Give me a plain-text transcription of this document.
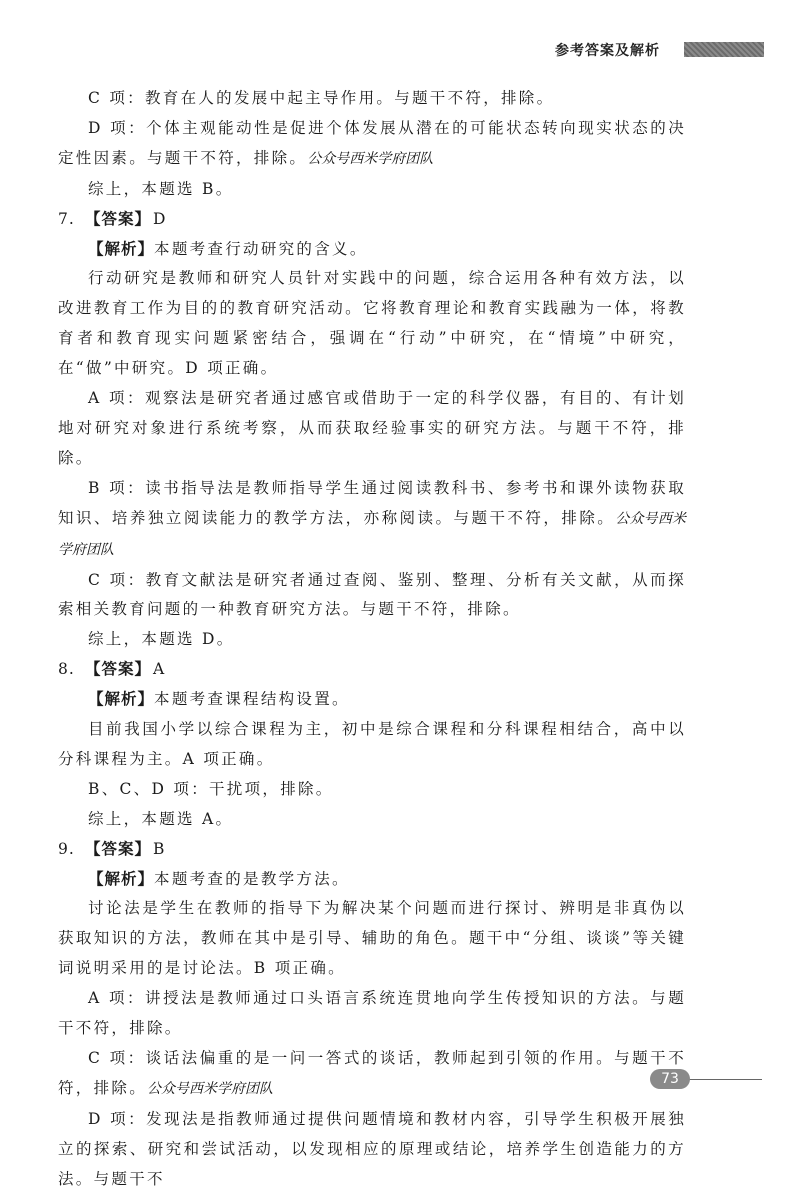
参考答案及解析

C 项：教育在人的发展中起主导作用。与题干不符，排除。

D 项：个体主观能动性是促进个体发展从潜在的可能状态转向现实状态的决定性因素。与题干不符，排除。公众号西米学府团队

综上，本题选 B。

7. 【答案】 D

【解析】本题考查行动研究的含义。

行动研究是教师和研究人员针对实践中的问题，综合运用各种有效方法，以改进教育工作为目的的教育研究活动。它将教育理论和教育实践融为一体，将教育者和教育现实问题紧密结合，强调在“行动”中研究，在“情境”中研究，在“做”中研究。D 项正确。

A 项：观察法是研究者通过感官或借助于一定的科学仪器，有目的、有计划地对研究对象进行系统考察，从而获取经验事实的研究方法。与题干不符，排除。

B 项：读书指导法是教师指导学生通过阅读教科书、参考书和课外读物获取知识、培养独立阅读能力的教学方法，亦称阅读。与题干不符，排除。公众号西米学府团队

C 项：教育文献法是研究者通过查阅、鉴别、整理、分析有关文献，从而探索相关教育问题的一种教育研究方法。与题干不符，排除。

综上，本题选 D。

8. 【答案】 A

【解析】本题考查课程结构设置。

目前我国小学以综合课程为主，初中是综合课程和分科课程相结合，高中以分科课程为主。A 项正确。

B、C、D 项：干扰项，排除。

综上，本题选 A。

9. 【答案】 B

【解析】本题考查的是教学方法。

讨论法是学生在教师的指导下为解决某个问题而进行探讨、辨明是非真伪以获取知识的方法，教师在其中是引导、辅助的角色。题干中“分组、谈谈”等关键词说明采用的是讨论法。B 项正确。

A 项：讲授法是教师通过口头语言系统连贯地向学生传授知识的方法。与题干不符，排除。

C 项：谈话法偏重的是一问一答式的谈话，教师起到引领的作用。与题干不符，排除。公众号西米学府团队

D 项：发现法是指教师通过提供问题情境和教材内容，引导学生积极开展独立的探索、研究和尝试活动，以发现相应的原理或结论，培养学生创造能力的方法。与题干不

73
